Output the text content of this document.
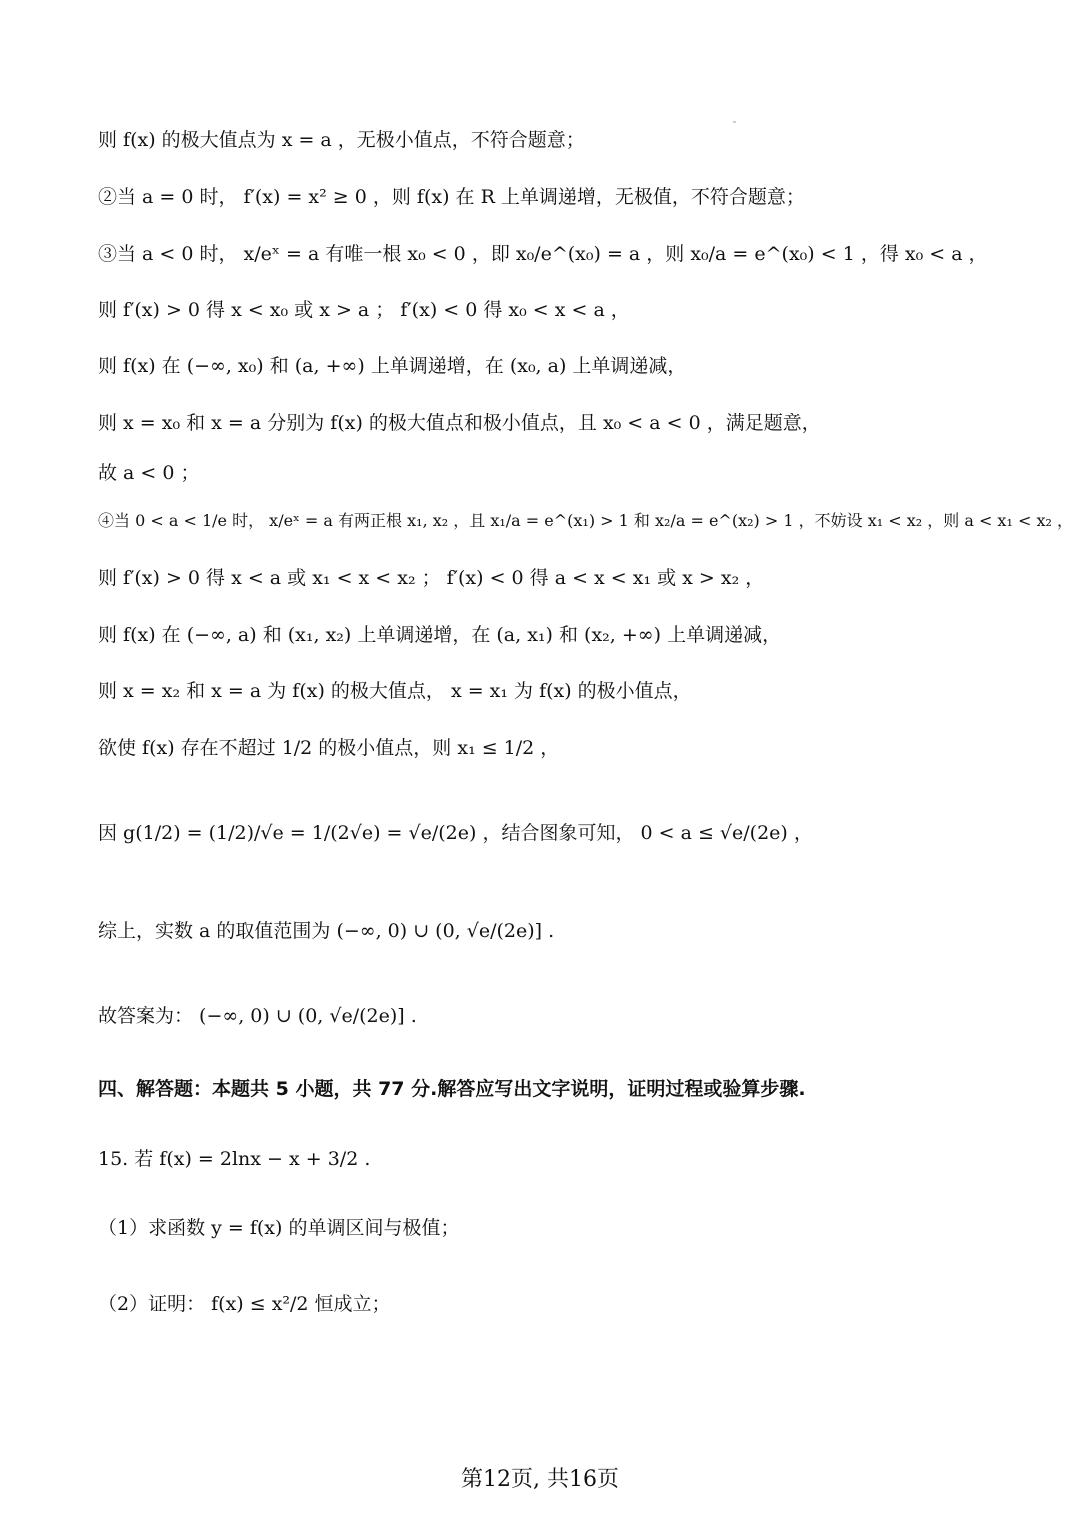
则 f(x) 的极大值点为 x = a ，无极小值点，不符合题意；
②当 a = 0 时， f′(x) = x² ≥ 0 ，则 f(x) 在 R 上单调递增，无极值，不符合题意；
③当 a < 0 时， x/eˣ = a 有唯一根 x₀ < 0 ，即 x₀/e^(x₀) = a ，则 x₀/a = e^(x₀) < 1 ，得 x₀ < a ，
则 f′(x) > 0 得 x < x₀ 或 x > a ； f′(x) < 0 得 x₀ < x < a ，
则 f(x) 在 (−∞, x₀) 和 (a, +∞) 上单调递增，在 (x₀, a) 上单调递减，
则 x = x₀ 和 x = a 分别为 f(x) 的极大值点和极小值点，且 x₀ < a < 0 ，满足题意，
故 a < 0 ；
④当 0 < a < 1/e 时， x/eˣ = a 有两正根 x₁, x₂ ，且 x₁/a = e^(x₁) > 1 和 x₂/a = e^(x₂) > 1 ，不妨设 x₁ < x₂ ，则 a < x₁ < x₂ ，
则 f′(x) > 0 得 x < a 或 x₁ < x < x₂ ； f′(x) < 0 得 a < x < x₁ 或 x > x₂ ，
则 f(x) 在 (−∞, a) 和 (x₁, x₂) 上单调递增，在 (a, x₁) 和 (x₂, +∞) 上单调递减，
则 x = x₂ 和 x = a 为 f(x) 的极大值点， x = x₁ 为 f(x) 的极小值点，
欲使 f(x) 存在不超过 1/2 的极小值点，则 x₁ ≤ 1/2 ，
因 g(1/2) = (1/2)/√e = 1/(2√e) = √e/(2e) ，结合图象可知， 0 < a ≤ √e/(2e) ，
综上，实数 a 的取值范围为 (−∞, 0) ∪ (0, √e/(2e)] .
故答案为： (−∞, 0) ∪ (0, √e/(2e)] .
四、解答题：本题共 5 小题，共 77 分.解答应写出文字说明，证明过程或验算步骤.
15. 若 f(x) = 2lnx − x + 3/2 .
（1）求函数 y = f(x) 的单调区间与极值；
（2）证明： f(x) ≤ x²/2 恒成立；
第12页, 共16页
